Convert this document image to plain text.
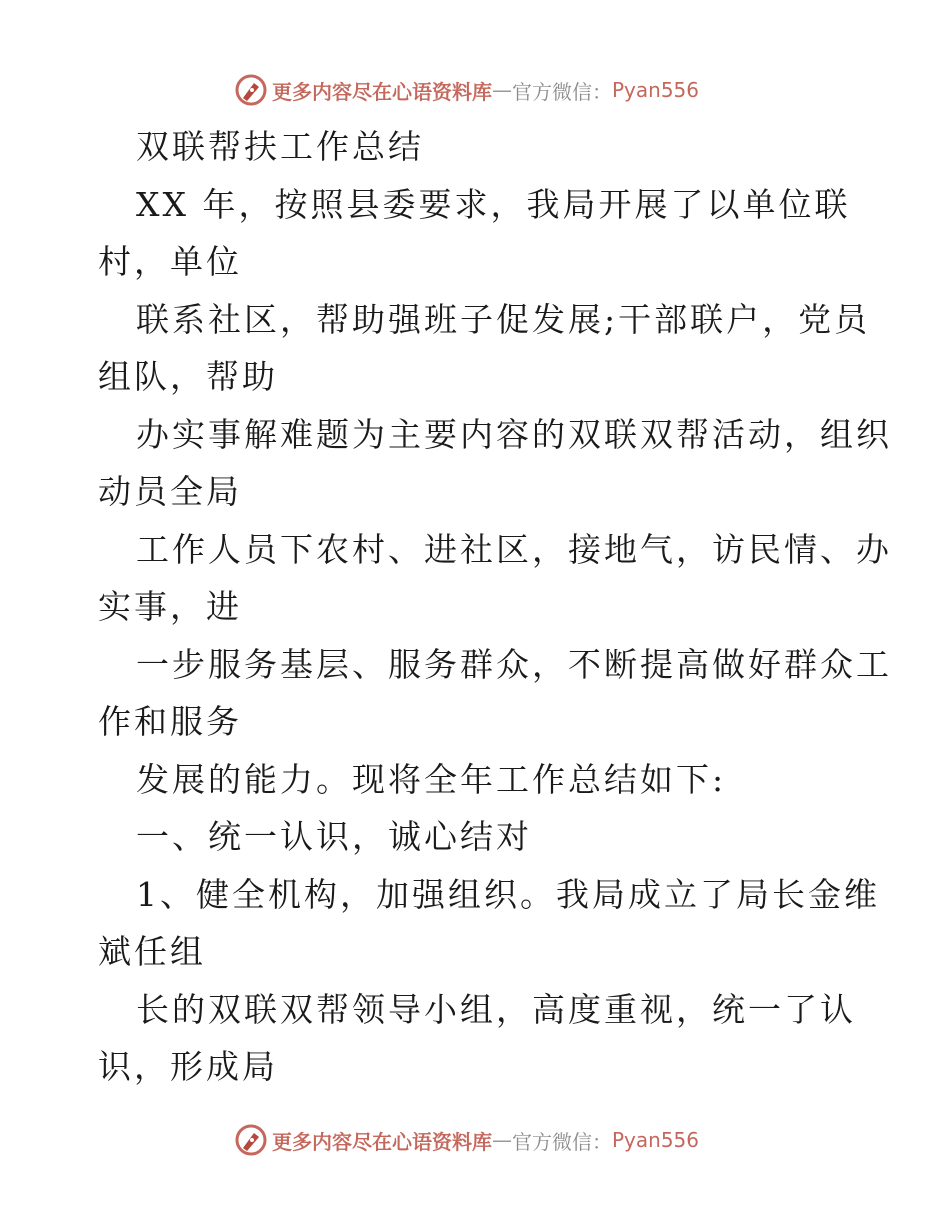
更多内容尽在心语资料库 — 官方微信： Pyan556
双联帮扶工作总结
XX 年，按照县委要求，我局开展了以单位联
村，单位
联系社区，帮助强班子促发展;干部联户，党员
组队，帮助
办实事解难题为主要内容的双联双帮活动，组织
动员全局
工作人员下农村、进社区，接地气，访民情、办
实事，进
一步服务基层、服务群众，不断提高做好群众工
作和服务
发展的能力。现将全年工作总结如下:
一、统一认识，诚心结对
1、健全机构，加强组织。我局成立了局长金维
斌任组
长的双联双帮领导小组，高度重视，统一了认
识，形成局
更多内容尽在心语资料库 — 官方微信： Pyan556
